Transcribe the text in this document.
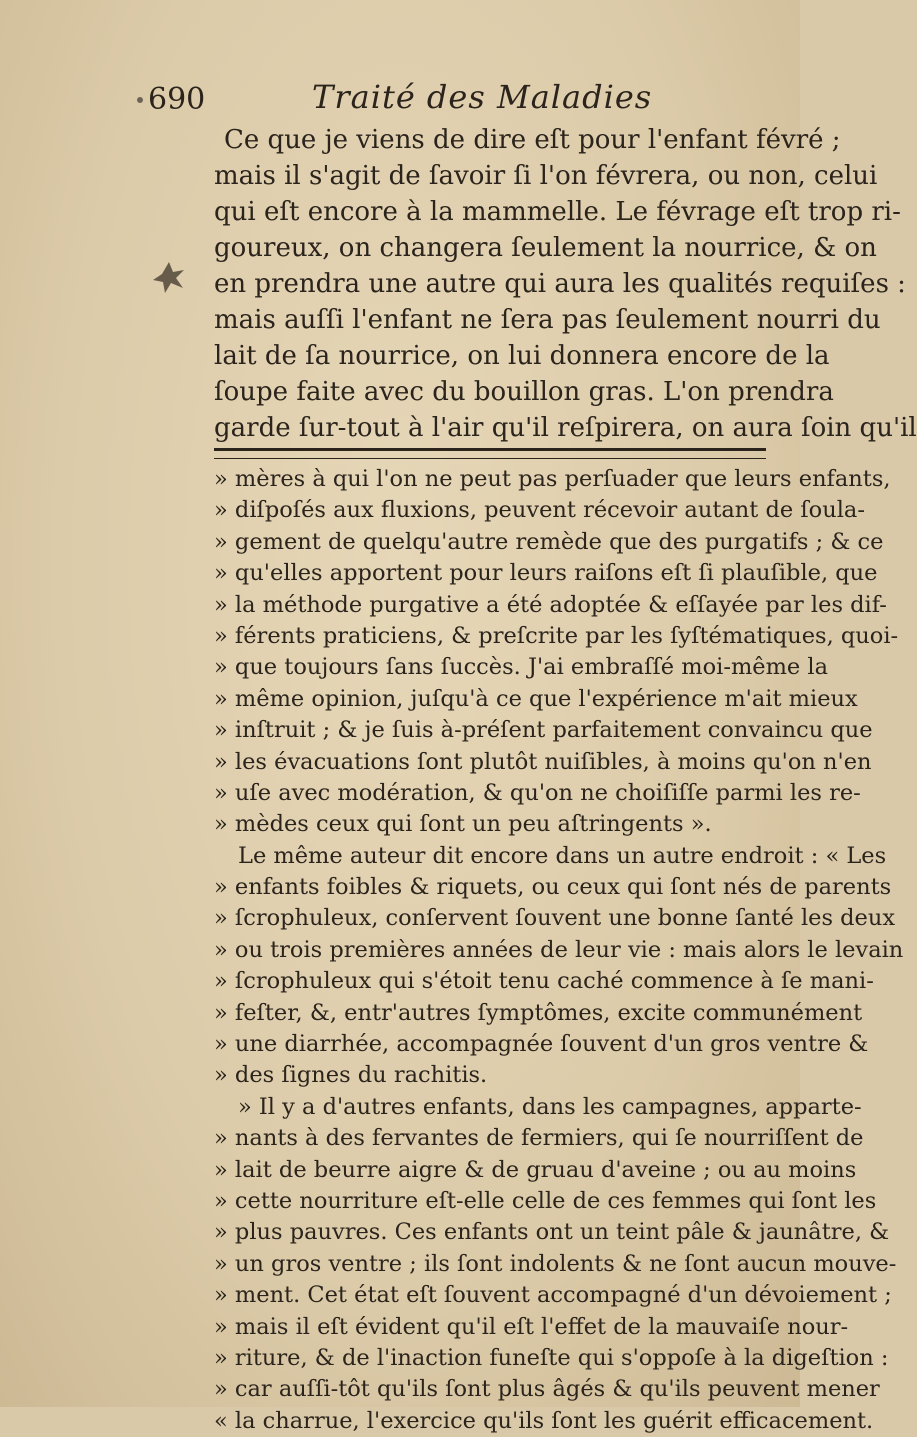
690	Traité des Maladies
Ce que je viens de dire eſt pour l'enfant févré ;
mais il s'agit de ſavoir ſi l'on févrera, ou non, celui
qui eſt encore à la mammelle. Le févrage eſt trop ri-
goureux, on changera ſeulement la nourrice, & on
en prendra une autre qui aura les qualités requiſes :
mais auſſi l'enfant ne ſera pas ſeulement nourri du
lait de ſa nourrice, on lui donnera encore de la
ſoupe faite avec du bouillon gras. L'on prendra
garde ſur-tout à l'air qu'il reſpirera, on aura ſoin qu'il
» mères à qui l'on ne peut pas perſuader que leurs enfants,
» diſpoſés aux fluxions, peuvent récevoir autant de ſoula-
» gement de quelqu'autre remède que des purgatifs ; & ce
» qu'elles apportent pour leurs raiſons eſt ſi plauſible, que
» la méthode purgative a été adoptée & eſſayée par les dif-
» férents praticiens, & preſcrite par les ſyſtématiques, quoi-
» que toujours ſans ſuccès. J'ai embraſſé moi-même la
» même opinion, juſqu'à ce que l'expérience m'ait mieux
» inſtruit ; & je ſuis à-préſent parfaitement convaincu que
» les évacuations ſont plutôt nuiſibles, à moins qu'on n'en
» uſe avec modération, & qu'on ne choiſiſſe parmi les re-
» mèdes ceux qui ſont un peu aſtringents ».
Le même auteur dit encore dans un autre endroit : « Les
» enfants foibles & riquets, ou ceux qui ſont nés de parents
» ſcrophuleux, conſervent ſouvent une bonne ſanté les deux
» ou trois premières années de leur vie : mais alors le levain
» ſcrophuleux qui s'étoit tenu caché commence à ſe mani-
» feſter, &, entr'autres ſymptômes, excite communément
» une diarrhée, accompagnée ſouvent d'un gros ventre &
» des ſignes du rachitis.
» Il y a d'autres enfants, dans les campagnes, apparte-
» nants à des fervantes de fermiers, qui ſe nourriſſent de
» lait de beurre aigre & de gruau d'aveine ; ou au moins
» cette nourriture eſt-elle celle de ces femmes qui ſont les
» plus pauvres. Ces enfants ont un teint pâle & jaunâtre, &
» un gros ventre ; ils ſont indolents & ne ſont aucun mouve-
» ment. Cet état eſt ſouvent accompagné d'un dévoiement ;
» mais il eſt évident qu'il eſt l'effet de la mauvaiſe nour-
» riture, & de l'inaction funeſte qui s'oppoſe à la digeſtion :
» car auſſi-tôt qu'ils ſont plus âgés & qu'ils peuvent mener
« la charrue, l'exercice qu'ils ſont les guérit efficacement.
